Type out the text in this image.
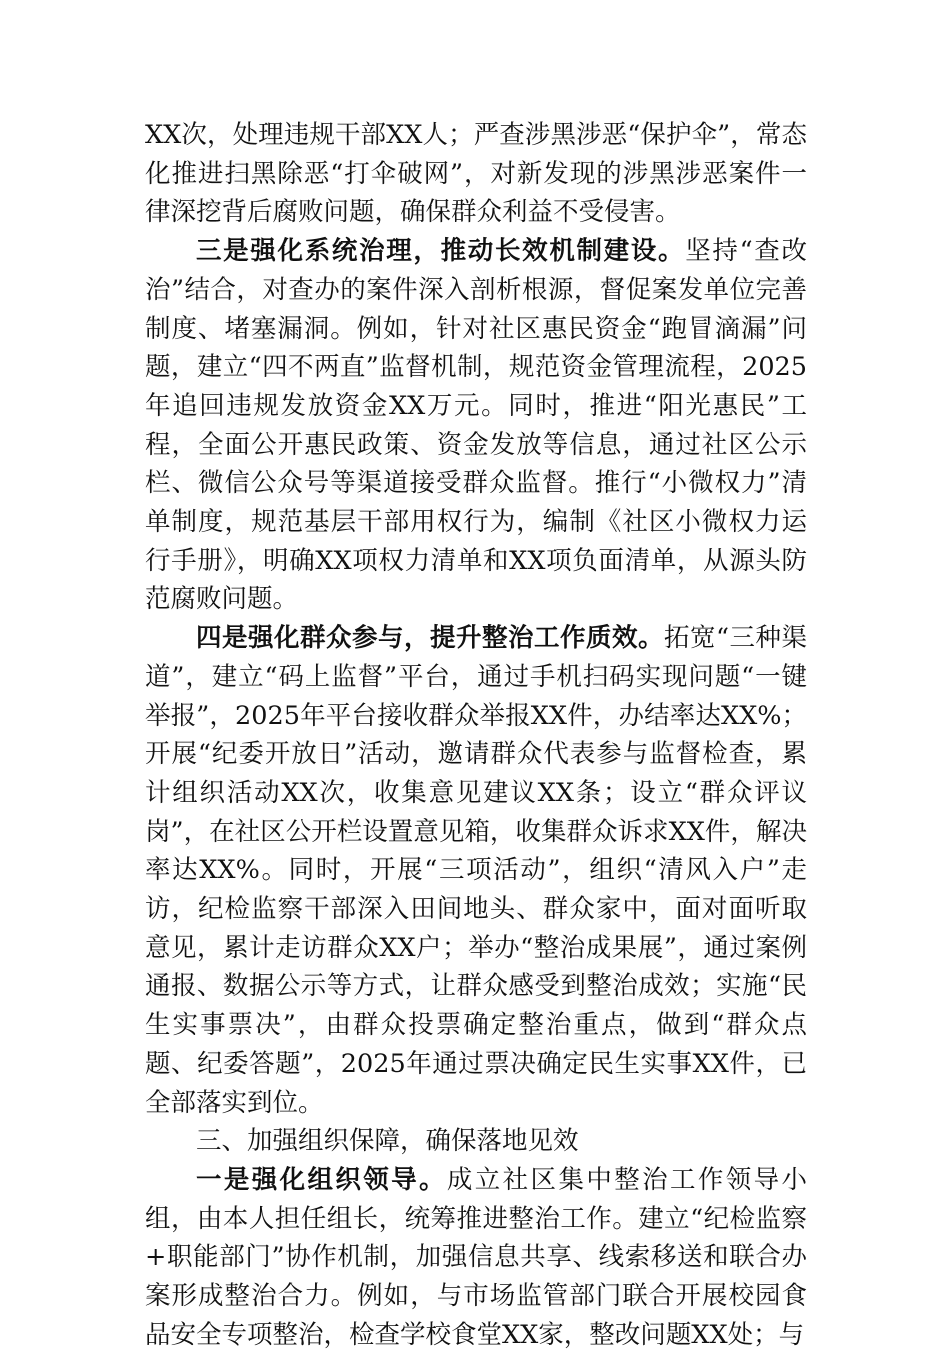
XX次，处理违规干部XX人；严查涉黑涉恶“保护伞”，常态化推进扫黑除恶“打伞破网”，对新发现的涉黑涉恶案件一律深挖背后腐败问题，确保群众利益不受侵害。

三是强化系统治理，推动长效机制建设。坚持“查改治”结合，对查办的案件深入剖析根源，督促案发单位完善制度、堵塞漏洞。例如，针对社区惠民资金“跑冒滴漏”问题，建立“四不两直”监督机制，规范资金管理流程，2025年追回违规发放资金XX万元。同时，推进“阳光惠民”工程，全面公开惠民政策、资金发放等信息，通过社区公示栏、微信公众号等渠道接受群众监督。推行“小微权力”清单制度，规范基层干部用权行为，编制《社区小微权力运行手册》，明确XX项权力清单和XX项负面清单，从源头防范腐败问题。

四是强化群众参与，提升整治工作质效。拓宽“三种渠道”，建立“码上监督”平台，通过手机扫码实现问题“一键举报”，2025年平台接收群众举报XX件，办结率达XX%；开展“纪委开放日”活动，邀请群众代表参与监督检查，累计组织活动XX次，收集意见建议XX条；设立“群众评议岗”，在社区公开栏设置意见箱，收集群众诉求XX件，解决率达XX%。同时，开展“三项活动”，组织“清风入户”走访，纪检监察干部深入田间地头、群众家中，面对面听取意见，累计走访群众XX户；举办“整治成果展”，通过案例通报、数据公示等方式，让群众感受到整治成效；实施“民生实事票决”，由群众投票确定整治重点，做到“群众点题、纪委答题”，2025年通过票决确定民生实事XX件，已全部落实到位。

三、加强组织保障，确保落地见效

一是强化组织领导。成立社区集中整治工作领导小组，由本人担任组长，统筹推进整治工作。建立“纪检监察+职能部门”协作机制，加强信息共享、线索移送和联合办案形成整治合力。例如，与市场监管部门联合开展校园食品安全专项整治，检查学校食堂XX家，整改问题XX处；与
